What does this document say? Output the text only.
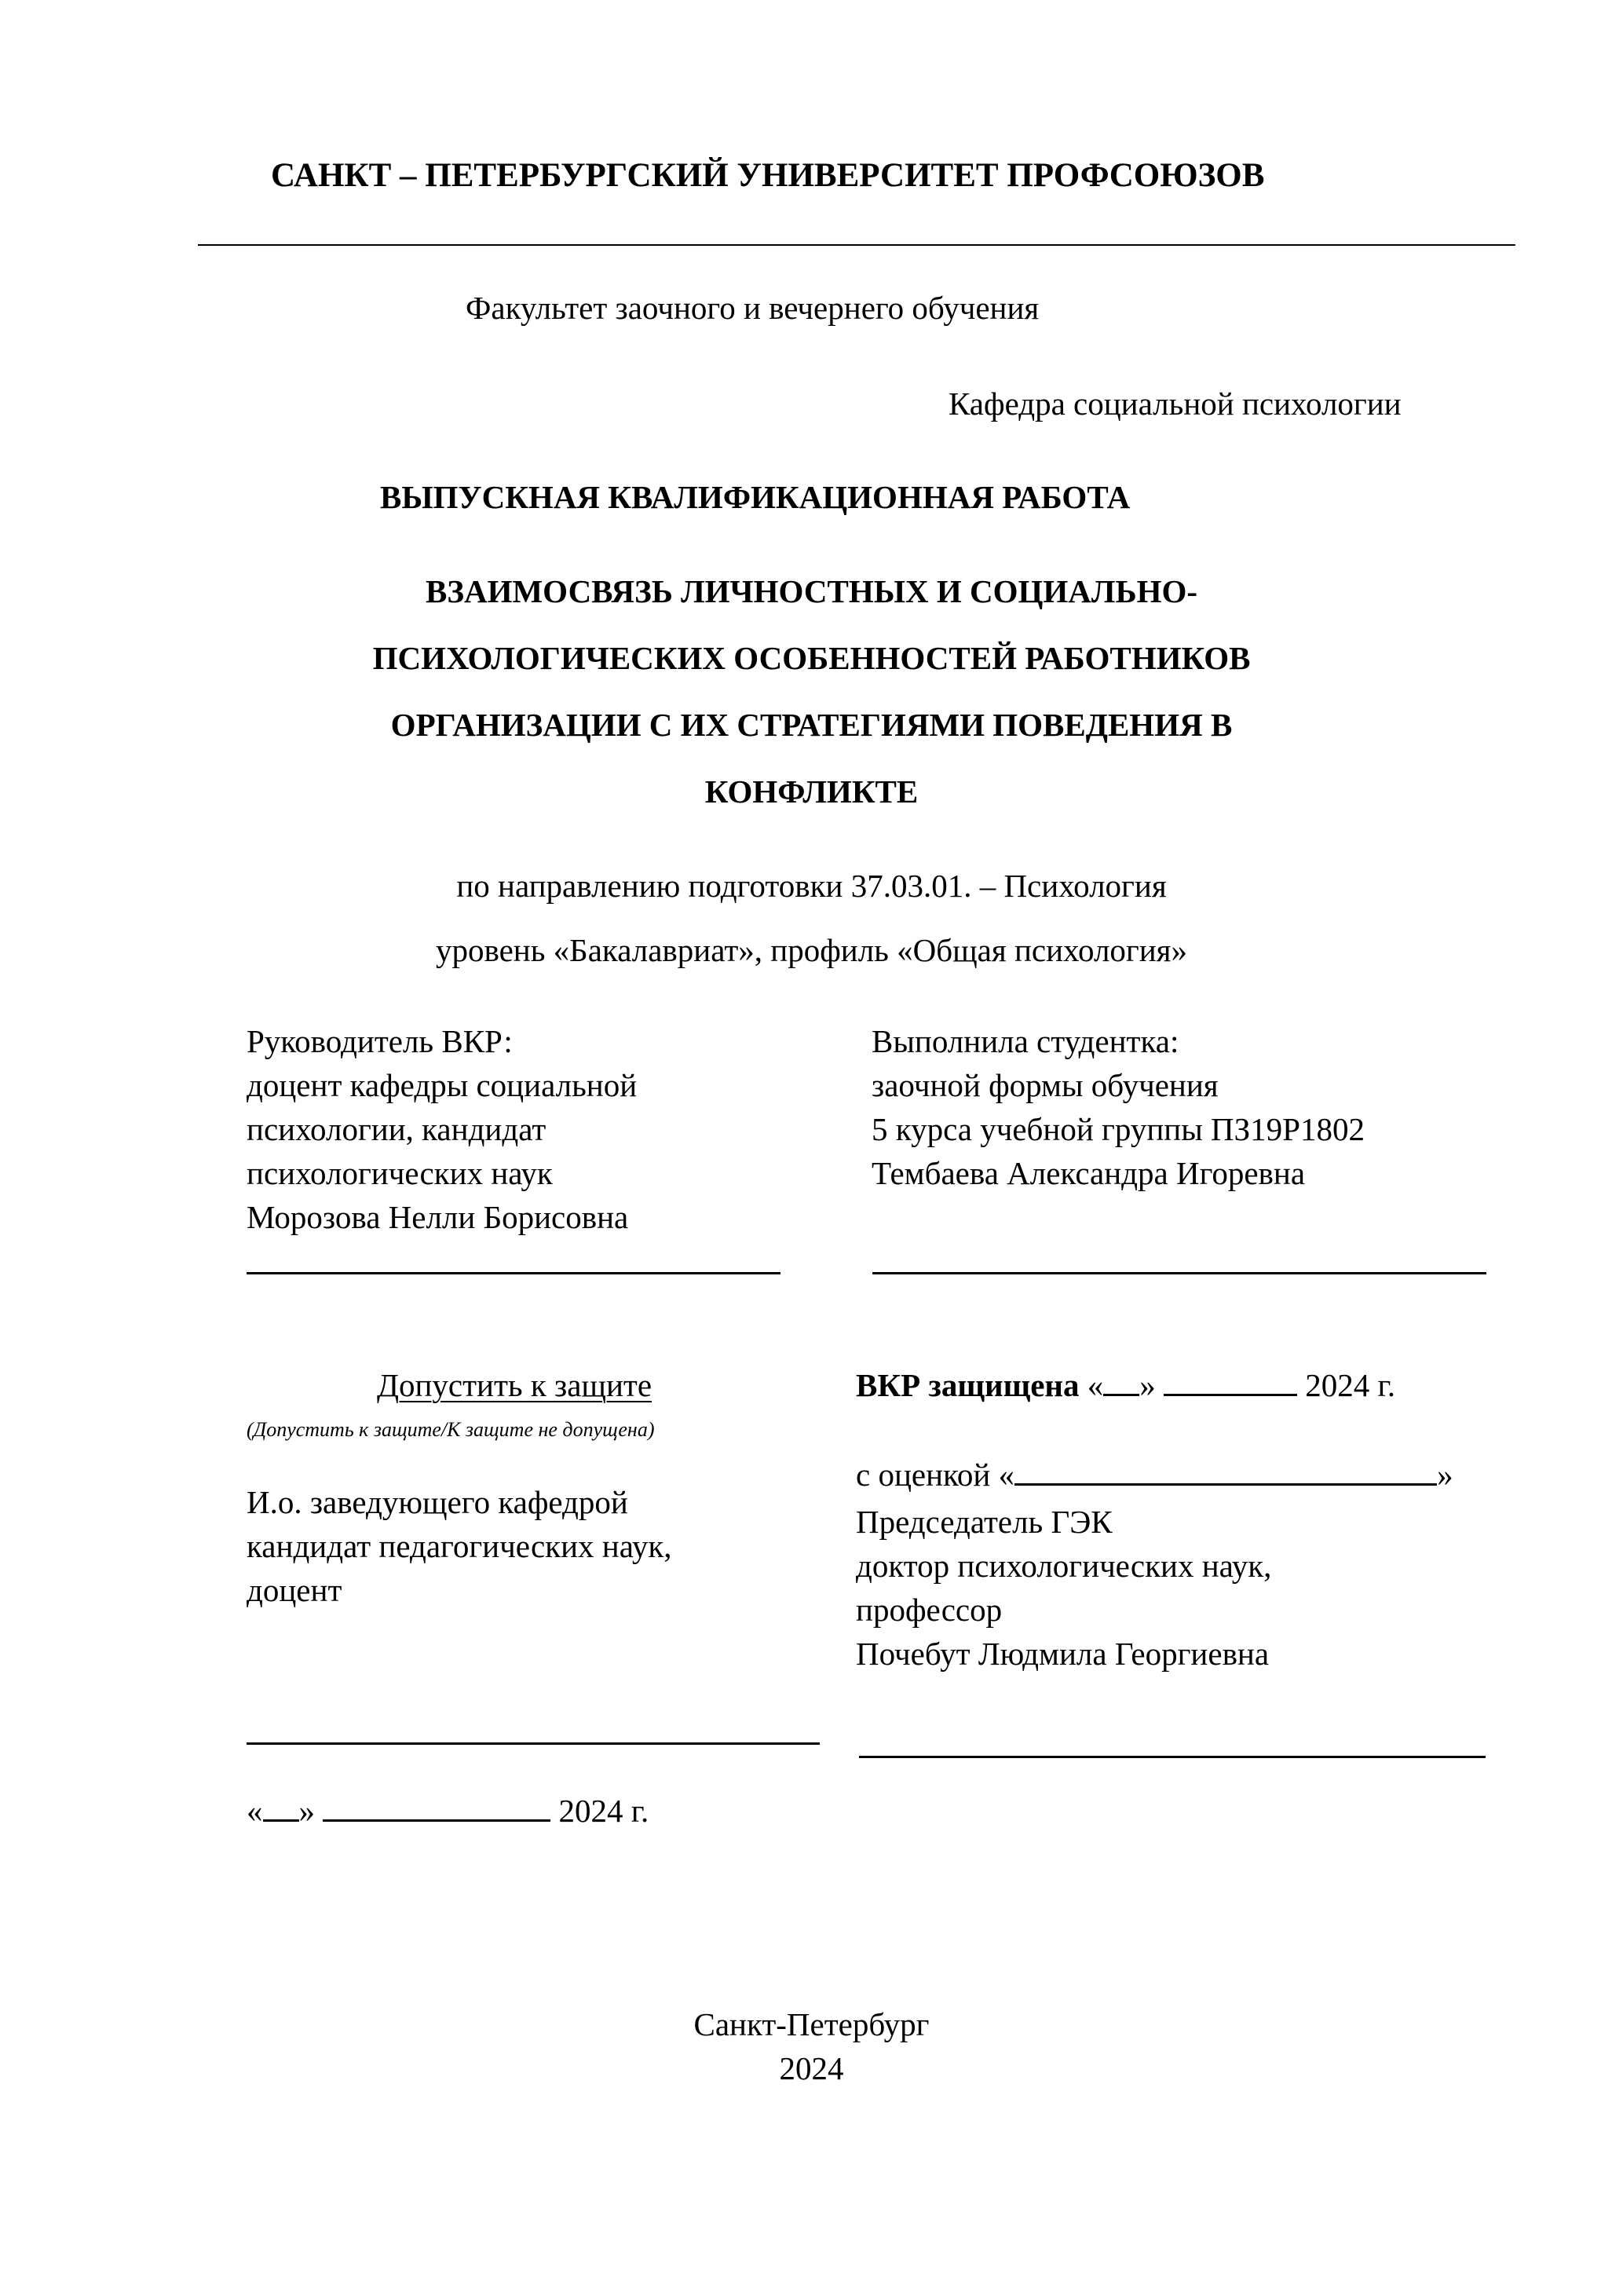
САНКТ – ПЕТЕРБУРГСКИЙ УНИВЕРСИТЕТ ПРОФСОЮЗОВ
Факультет заочного и вечернего обучения
Кафедра социальной психологии
ВЫПУСКНАЯ КВАЛИФИКАЦИОННАЯ РАБОТА
ВЗАИМОСВЯЗЬ ЛИЧНОСТНЫХ И СОЦИАЛЬНО-
ПСИХОЛОГИЧЕСКИХ ОСОБЕННОСТЕЙ РАБОТНИКОВ
ОРГАНИЗАЦИИ С ИХ СТРАТЕГИЯМИ ПОВЕДЕНИЯ В
КОНФЛИКТЕ
по направлению подготовки 37.03.01. – Психология
уровень «Бакалавриат», профиль «Общая психология»
Руководитель ВКР:
доцент кафедры социальной
психологии, кандидат
психологических наук
Морозова Нелли Борисовна
Выполнила студентка:
заочной формы обучения
5 курса учебной группы ПЗ19Р1802
Тембаева Александра Игоревна
Допустить к защите
(Допустить к защите/К защите не допущена)
И.о. заведующего кафедрой
кандидат педагогических наук,
доцент
« »	2024 г.
ВКР защищена « »	2024 г.
с оценкой «	»
Председатель ГЭК
доктор психологических наук,
профессор
Почебут Людмила Георгиевна
Санкт-Петербург
2024
